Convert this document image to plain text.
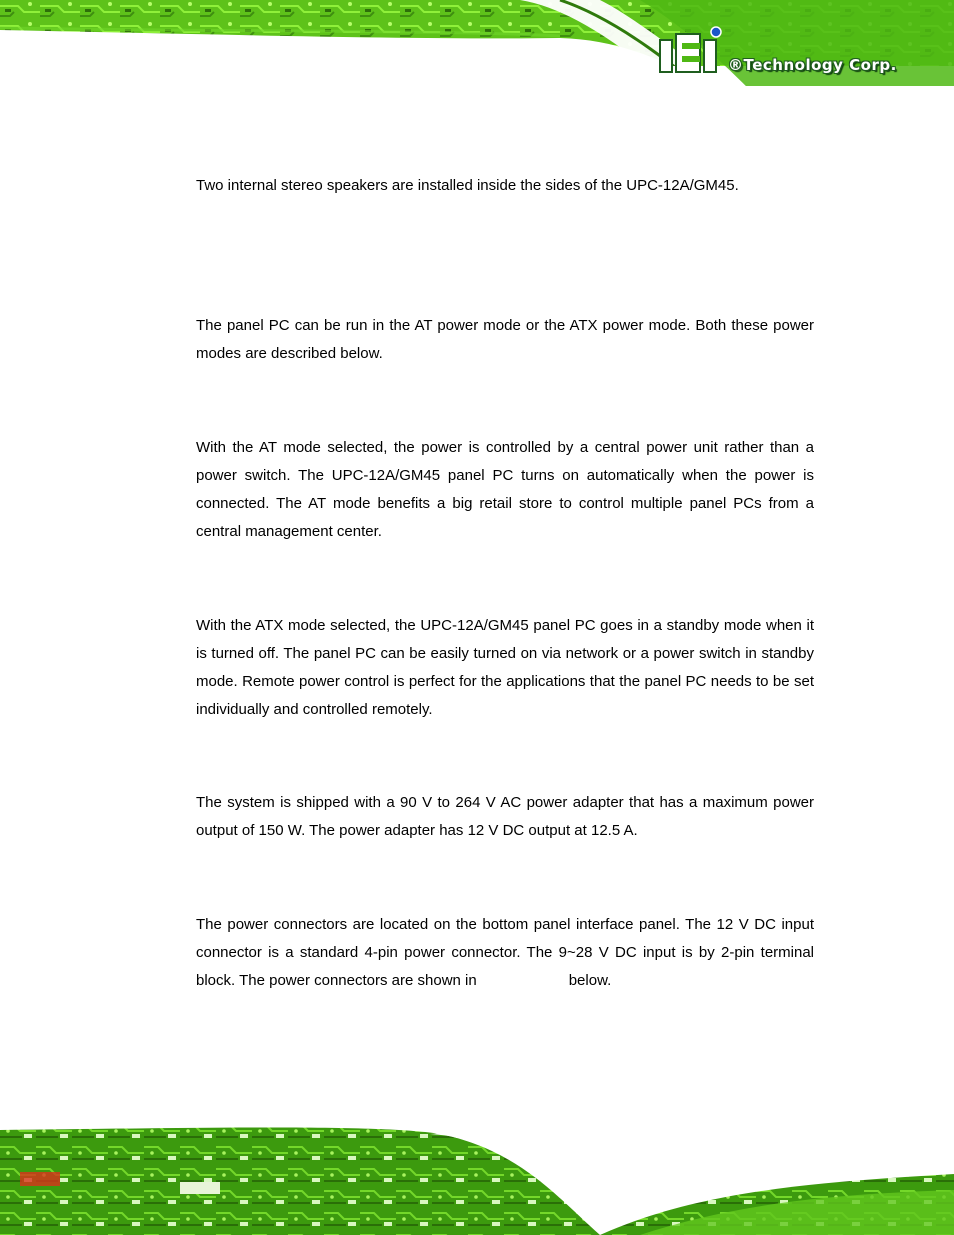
®Technology Corp.

Two internal stereo speakers are installed inside the sides of the UPC-12A/GM45.

The panel PC can be run in the AT power mode or the ATX power mode. Both these power modes are described below.

With the AT mode selected, the power is controlled by a central power unit rather than a power switch. The UPC-12A/GM45 panel PC turns on automatically when the power is connected. The AT mode benefits a big retail store to control multiple panel PCs from a central management center.

With the ATX mode selected, the UPC-12A/GM45 panel PC goes in a standby mode when it is turned off. The panel PC can be easily turned on via network or a power switch in standby mode. Remote power control is perfect for the applications that the panel PC needs to be set individually and controlled remotely.

The system is shipped with a 90 V to 264 V AC power adapter that has a maximum power output of 150 W. The power adapter has 12 V DC output at 12.5 A.

The power connectors are located on the bottom panel interface panel. The 12 V DC input connector is a standard 4-pin power connector. The 9~28 V DC input is by 2-pin terminal block. The power connectors are shown in	below.
